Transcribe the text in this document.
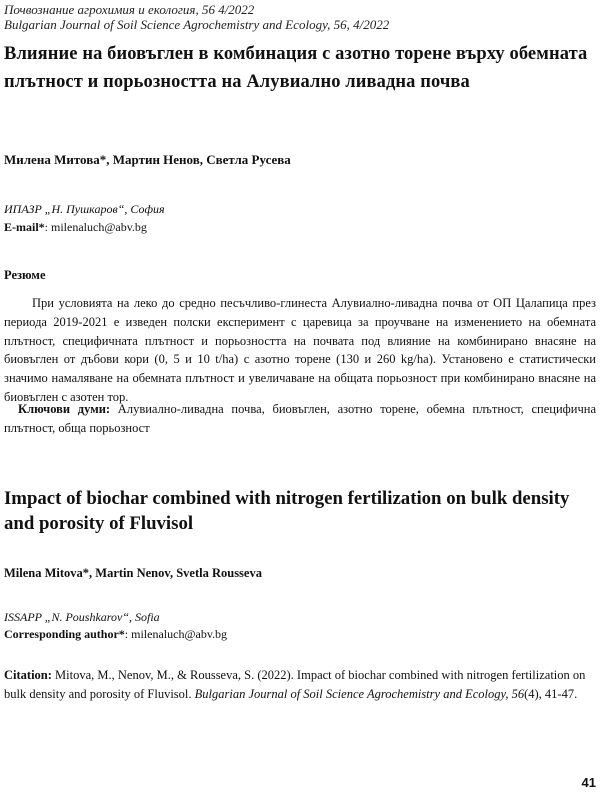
Почвознание агрохимия и екология, 56 4/2022
Bulgarian Journal of Soil Science Agrochemistry and Ecology, 56, 4/2022
Влияние на биовъглен в комбинация с азотно торене върху обемната плътност и порьозността на Алувиално ливадна почва
Милена Митова*, Мартин Ненов, Светла Русева
ИПАЗР „Н. Пушкаров“, София
E-mail*: milenaluch@abv.bg
Резюме
При условията на леко до средно песъчливо-глинеста Алувиално-ливадна почва от ОП Цалапица през периода 2019-2021 е изведен полски експеримент с царевица за проучване на изменението на обемната плътност, специфичната плътност и порьозността на почвата под влияние на комбинирано внасяне на биовъглен от дъбови кори (0, 5 и 10 t/ha) с азотно торене (130 и 260 kg/ha). Установено е статистически значимо намаляване на обемната плътност и увеличаване на общата порьозност при комбинирано внасяне на биовъглен с азотен тор.
Ключови думи: Алувиално-ливадна почва, биовъглен, азотно торене, обемна плътност, специфична плътност, обща порьозност
Impact of biochar combined with nitrogen fertilization on bulk density and porosity of Fluvisol
Milena Mitova*, Martin Nenov, Svetla Rousseva
ISSAPP „N. Poushkarov“, Sofia
Corresponding author*: milenaluch@abv.bg
Citation: Mitova, M., Nenov, M., & Rousseva, S. (2022). Impact of biochar combined with nitrogen fertilization on bulk density and porosity of Fluvisol. Bulgarian Journal of Soil Science Agrochemistry and Ecology, 56(4), 41-47.
41
